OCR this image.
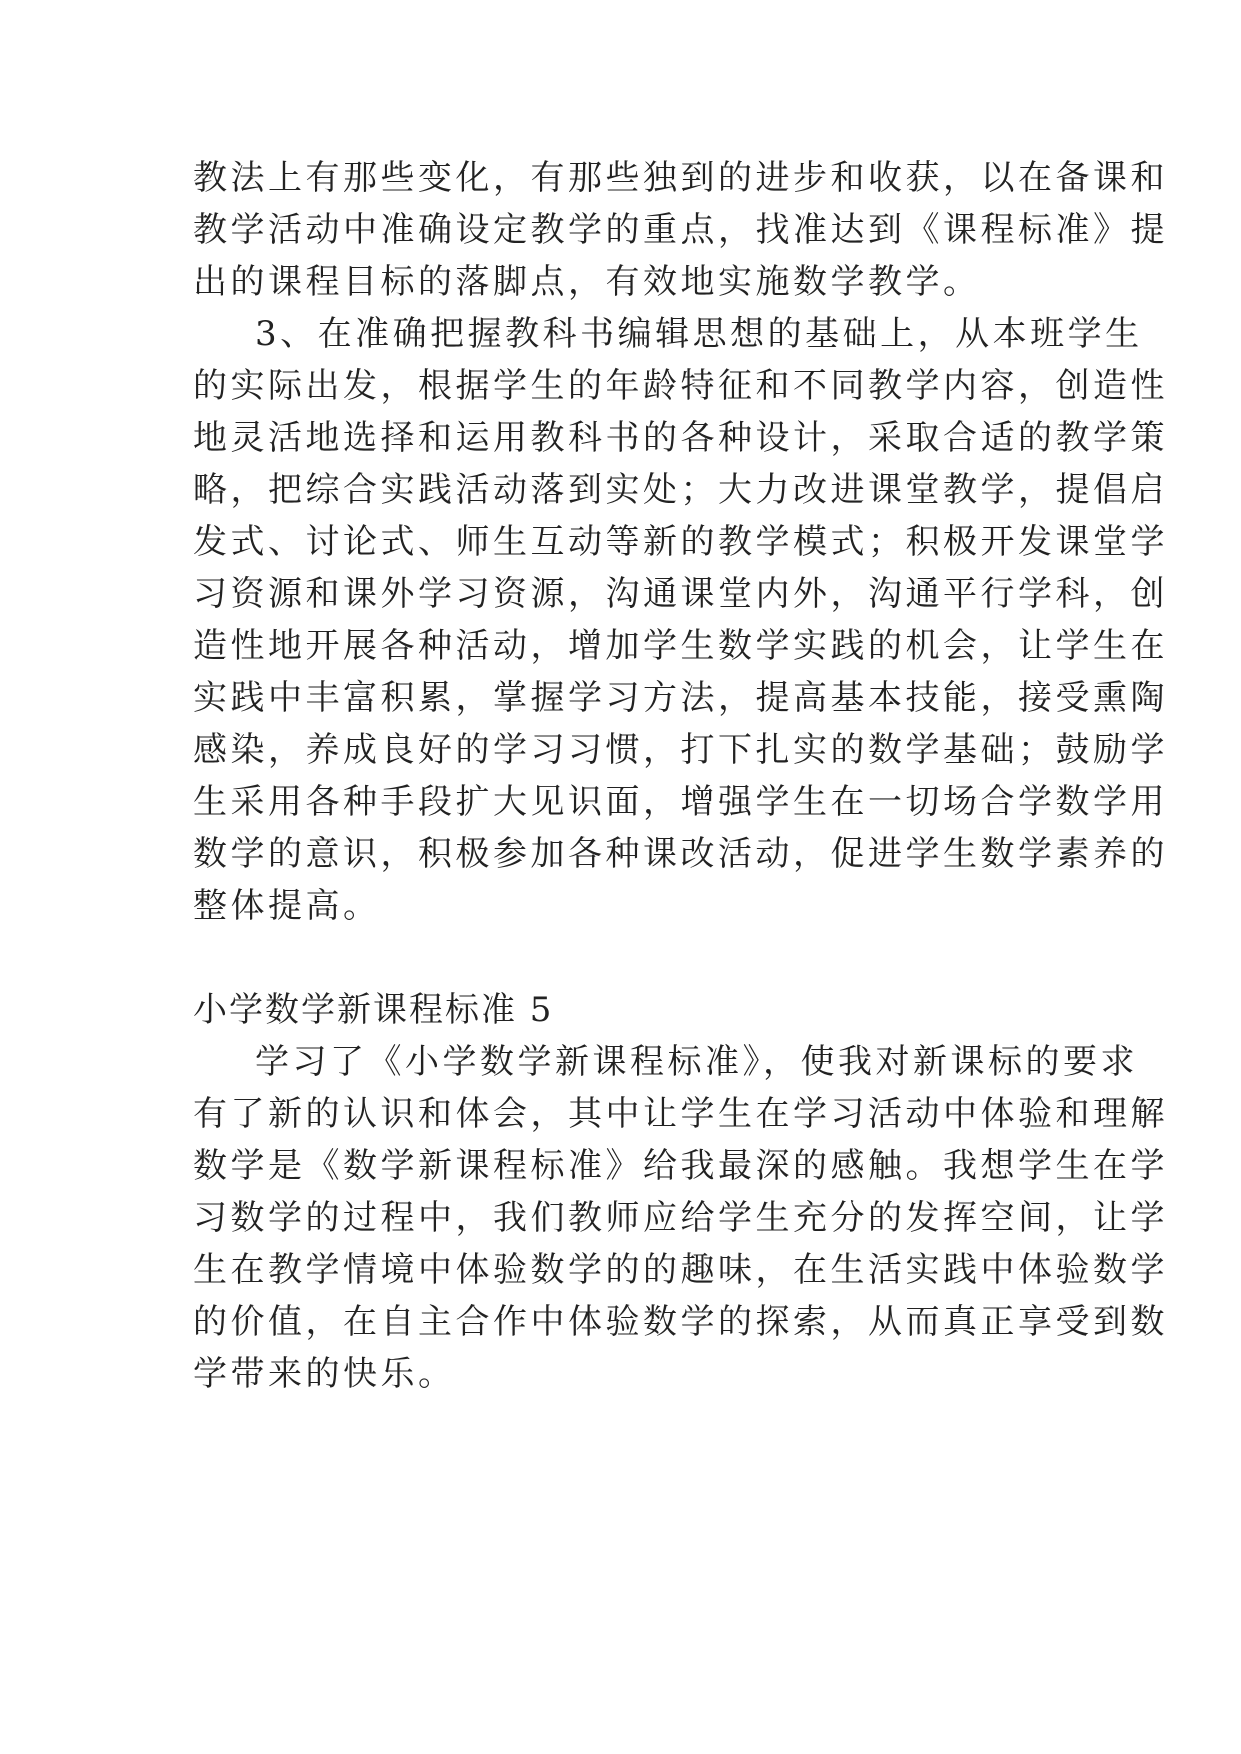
教法上有那些变化，有那些独到的进步和收获，以在备课和
教学活动中准确设定教学的重点，找准达到《课程标准》提
出的课程目标的落脚点，有效地实施数学教学。
3、在准确把握教科书编辑思想的基础上，从本班学生
的实际出发，根据学生的年龄特征和不同教学内容，创造性
地灵活地选择和运用教科书的各种设计，采取合适的教学策
略，把综合实践活动落到实处；大力改进课堂教学，提倡启
发式、讨论式、师生互动等新的教学模式；积极开发课堂学
习资源和课外学习资源，沟通课堂内外，沟通平行学科，创
造性地开展各种活动，增加学生数学实践的机会，让学生在
实践中丰富积累，掌握学习方法，提高基本技能，接受熏陶
感染，养成良好的学习习惯，打下扎实的数学基础；鼓励学
生采用各种手段扩大见识面，增强学生在一切场合学数学用
数学的意识，积极参加各种课改活动，促进学生数学素养的
整体提高。
小学数学新课程标准 5
学习了《小学数学新课程标准》，使我对新课标的要求
有了新的认识和体会，其中让学生在学习活动中体验和理解
数学是《数学新课程标准》给我最深的感触。我想学生在学
习数学的过程中，我们教师应给学生充分的发挥空间，让学
生在教学情境中体验数学的的趣味，在生活实践中体验数学
的价值，在自主合作中体验数学的探索，从而真正享受到数
学带来的快乐。
